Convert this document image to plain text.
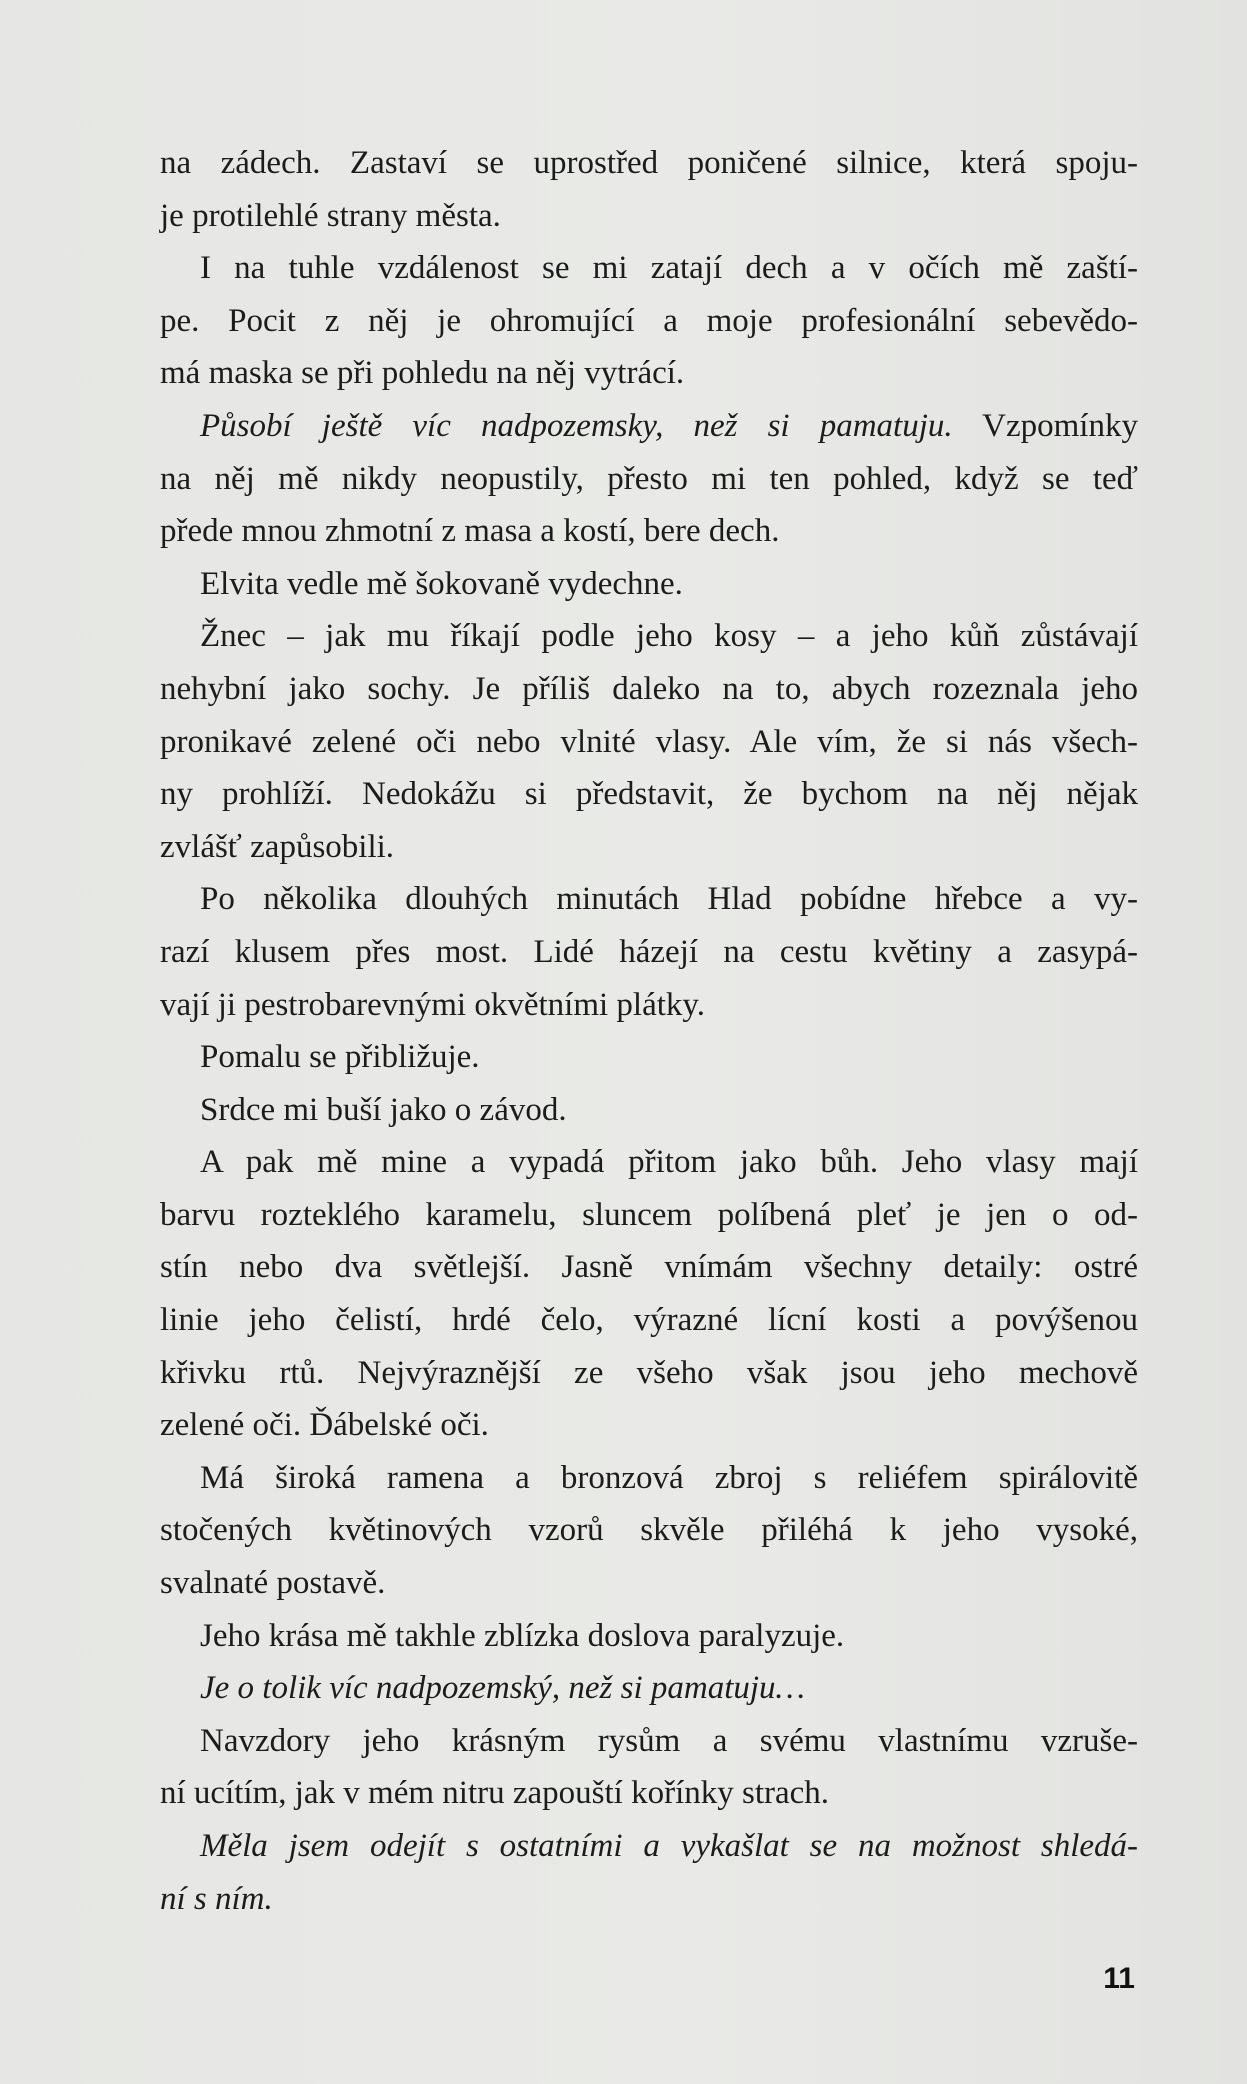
na zádech. Zastaví se uprostřed poničené silnice, která spoju-
je protilehlé strany města.
I na tuhle vzdálenost se mi zatají dech a v očích mě zaští-
pe. Pocit z něj je ohromující a moje profesionální sebevědo-
má maska se při pohledu na něj vytrácí.
Působí ještě víc nadpozemsky, než si pamatuju. Vzpomínky
na něj mě nikdy neopustily, přesto mi ten pohled, když se teď
přede mnou zhmotní z masa a kostí, bere dech.
Elvita vedle mě šokovaně vydechne.
Žnec – jak mu říkají podle jeho kosy – a jeho kůň zůstávají
nehybní jako sochy. Je příliš daleko na to, abych rozeznala jeho
pronikavé zelené oči nebo vlnité vlasy. Ale vím, že si nás všech-
ny prohlíží. Nedokážu si představit, že bychom na něj nějak
zvlášť zapůsobili.
Po několika dlouhých minutách Hlad pobídne hřebce a vy-
razí klusem přes most. Lidé házejí na cestu květiny a zasypá-
vají ji pestrobarevnými okvětními plátky.
Pomalu se přibližuje.
Srdce mi buší jako o závod.
A pak mě mine a vypadá přitom jako bůh. Jeho vlasy mají
barvu rozteklého karamelu, sluncem políbená pleť je jen o od-
stín nebo dva světlejší. Jasně vnímám všechny detaily: ostré
linie jeho čelistí, hrdé čelo, výrazné lícní kosti a povýšenou
křivku rtů. Nejvýraznější ze všeho však jsou jeho mechově
zelené oči. Ďábelské oči.
Má široká ramena a bronzová zbroj s reliéfem spirálovitě
stočených květinových vzorů skvěle přiléhá k jeho vysoké,
svalnaté postavě.
Jeho krása mě takhle zblízka doslova paralyzuje.
Je o tolik víc nadpozemský, než si pamatuju…
Navzdory jeho krásným rysům a svému vlastnímu vzruše-
ní ucítím, jak v mém nitru zapouští kořínky strach.
Měla jsem odejít s ostatními a vykašlat se na možnost shledá-
ní s ním.
11
